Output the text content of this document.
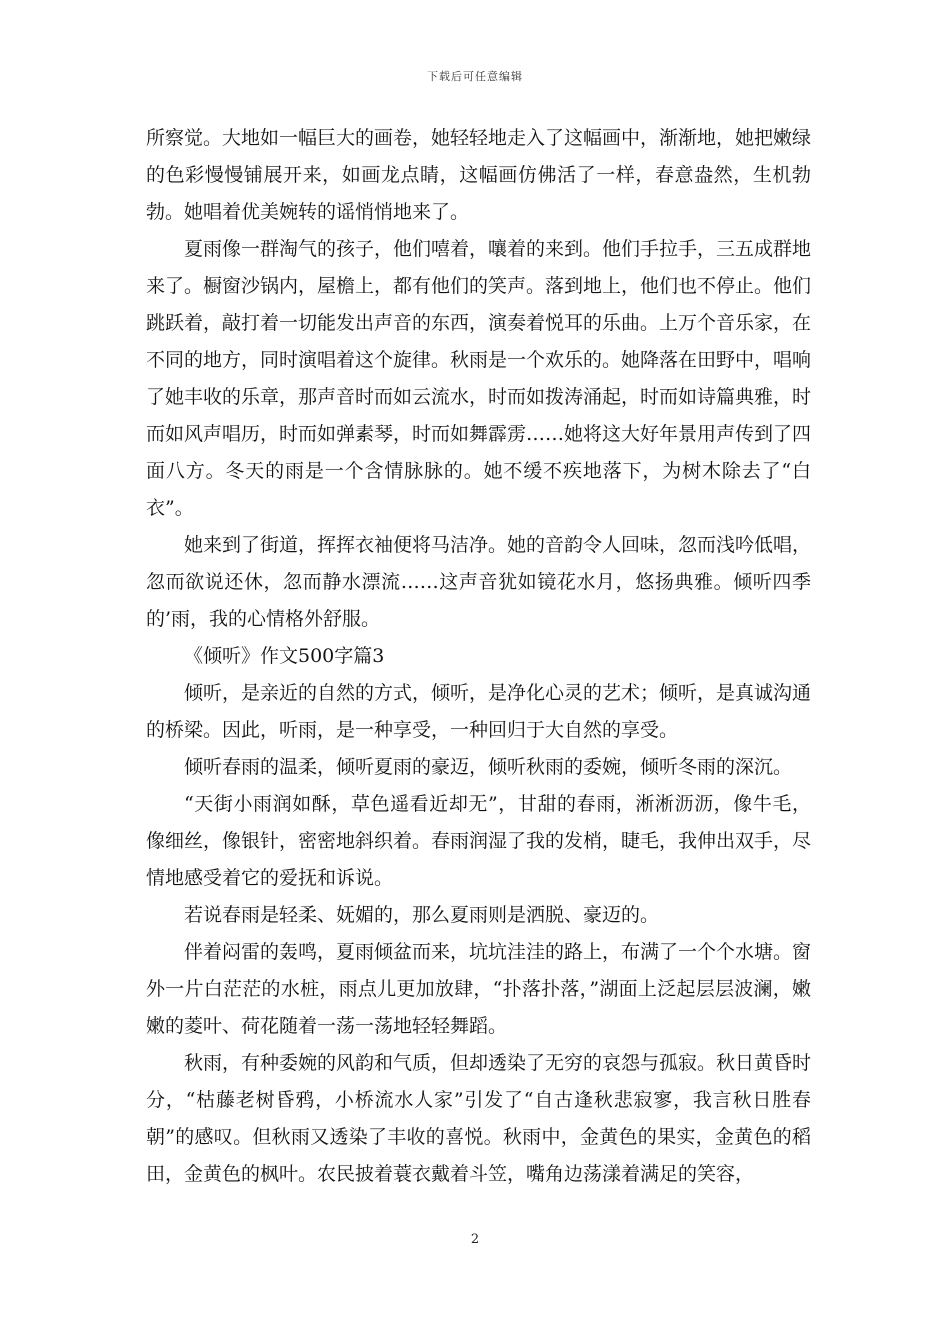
下载后可任意编辑

所察觉。大地如一幅巨大的画卷，她轻轻地走入了这幅画中，渐渐地，她把嫩绿的色彩慢慢铺展开来，如画龙点睛，这幅画仿佛活了一样，春意盎然，生机勃勃。她唱着优美婉转的谣悄悄地来了。

夏雨像一群淘气的孩子，他们嘻着，嚷着的来到。他们手拉手，三五成群地来了。橱窗沙锅内，屋檐上，都有他们的笑声。落到地上，他们也不停止。他们跳跃着，敲打着一切能发出声音的东西，演奏着悦耳的乐曲。上万个音乐家，在不同的地方，同时演唱着这个旋律。秋雨是一个欢乐的。她降落在田野中，唱响了她丰收的乐章，那声音时而如云流水，时而如拨涛涌起，时而如诗篇典雅，时而如风声唱历，时而如弹素琴，时而如舞霹雳……她将这大好年景用声传到了四面八方。冬天的雨是一个含情脉脉的。她不缓不疾地落下，为树木除去了“白衣”。

她来到了街道，挥挥衣袖便将马洁净。她的音韵令人回味，忽而浅吟低唱，忽而欲说还休，忽而静水漂流……这声音犹如镜花水月，悠扬典雅。倾听四季的’雨，我的心情格外舒服。

《倾听》作文500字篇3

倾听，是亲近的自然的方式，倾听，是净化心灵的艺术；倾听，是真诚沟通的桥梁。因此，听雨，是一种享受，一种回归于大自然的享受。

倾听春雨的温柔，倾听夏雨的豪迈，倾听秋雨的委婉，倾听冬雨的深沉。

“天街小雨润如酥，草色遥看近却无”，甘甜的春雨，淅淅沥沥，像牛毛，像细丝，像银针，密密地斜织着。春雨润湿了我的发梢，睫毛，我伸出双手，尽情地感受着它的爱抚和诉说。

若说春雨是轻柔、妩媚的，那么夏雨则是洒脱、豪迈的。

伴着闷雷的轰鸣，夏雨倾盆而来，坑坑洼洼的路上，布满了一个个水塘。窗外一片白茫茫的水桩，雨点儿更加放肆，“扑落扑落，”湖面上泛起层层波澜，嫩嫩的菱叶、荷花随着一荡一荡地轻轻舞蹈。

秋雨，有种委婉的风韵和气质，但却透染了无穷的哀怨与孤寂。秋日黄昏时分，“枯藤老树昏鸦，小桥流水人家”引发了“自古逢秋悲寂寥，我言秋日胜春朝”的感叹。但秋雨又透染了丰收的喜悦。秋雨中，金黄色的果实，金黄色的稻田，金黄色的枫叶。农民披着蓑衣戴着斗笠，嘴角边荡漾着满足的笑容，

2
